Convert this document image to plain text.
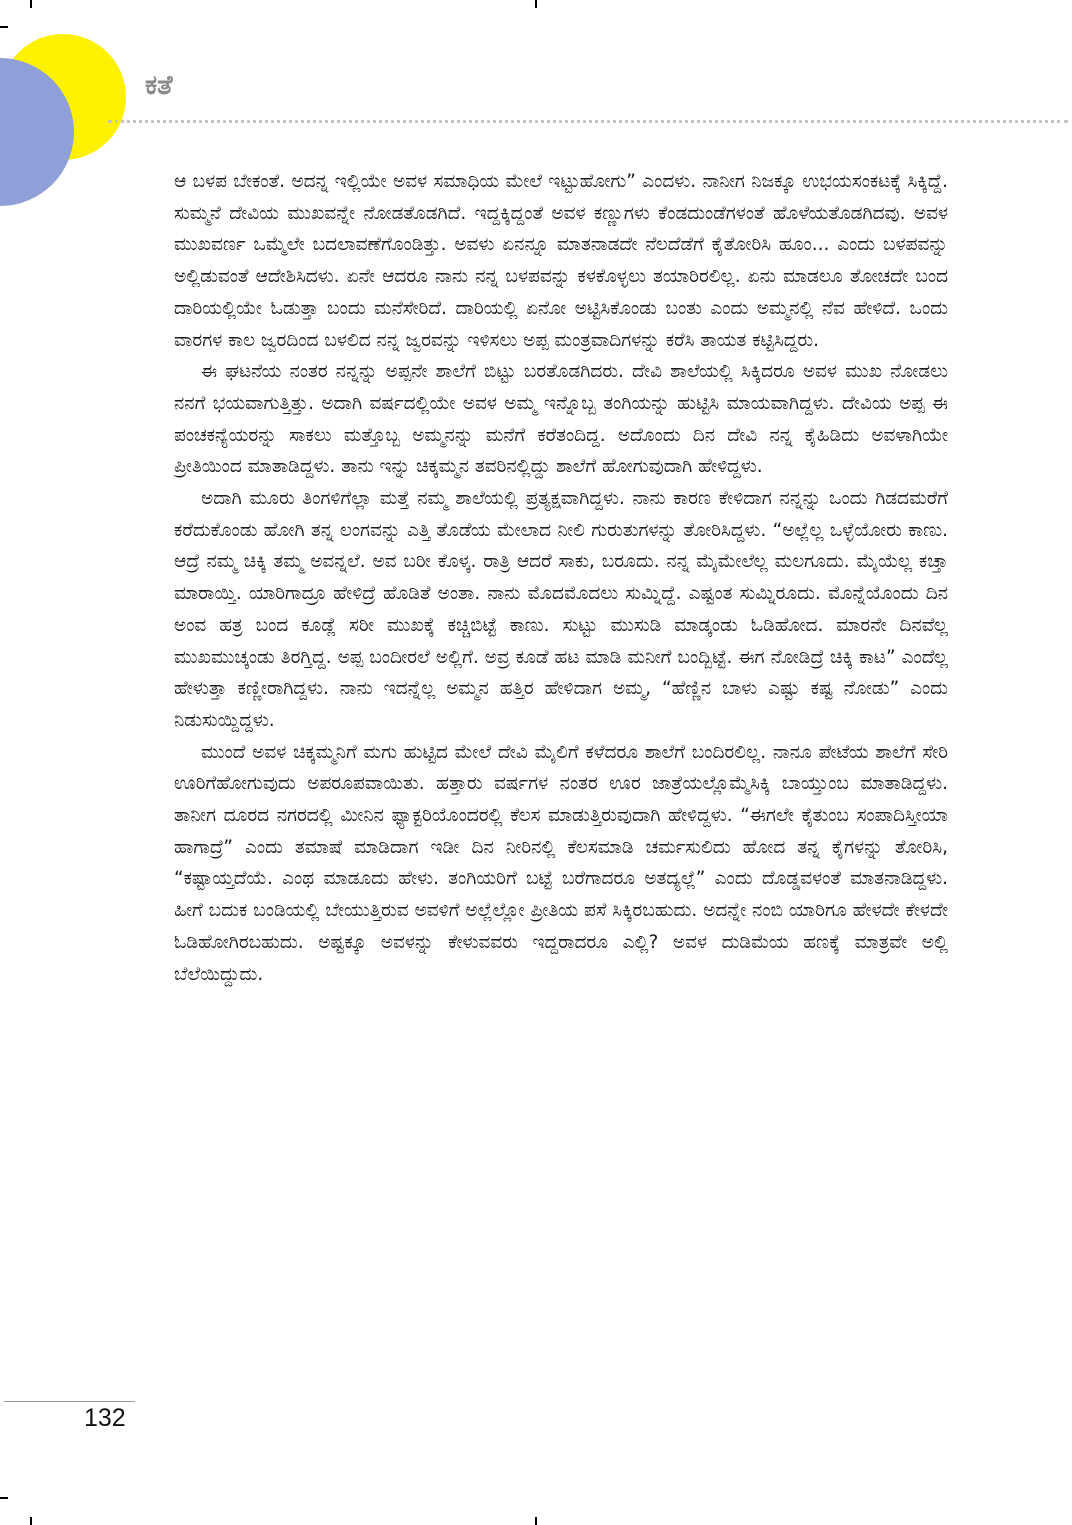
ಕತೆ

ಆ ಬಳಪ ಬೇಕಂತೆ. ಅದನ್ನ ಇಲ್ಲಿಯೇ ಅವಳ ಸಮಾಧಿಯ ಮೇಲೆ ಇಟ್ಟುಹೋಗು” ಎಂದಳು. ನಾನೀಗ ನಿಜಕ್ಕೂ ಉಭಯಸಂಕಟಕ್ಕೆ ಸಿಕ್ಕಿದ್ದೆ. ಸುಮ್ಮನೆ ದೇವಿಯ ಮುಖವನ್ನೇ ನೋಡತೊಡಗಿದೆ. ಇದ್ದಕ್ಕಿದ್ದಂತೆ ಅವಳ ಕಣ್ಣುಗಳು ಕೆಂಡದುಂಡೆಗಳಂತೆ ಹೊಳೆಯತೊಡಗಿದವು. ಅವಳ ಮುಖವರ್ಣ ಒಮ್ಮೆಲೇ ಬದಲಾವಣೆಗೊಂಡಿತ್ತು. ಅವಳು ಏನನ್ನೂ ಮಾತನಾಡದೇ ನೆಲದೆಡೆಗೆ ಕೈತೋರಿಸಿ ಹೂಂ... ಎಂದು ಬಳಪವನ್ನು ಅಲ್ಲಿಡುವಂತೆ ಆದೇಶಿಸಿದಳು. ಏನೇ ಆದರೂ ನಾನು ನನ್ನ ಬಳಪವನ್ನು ಕಳಕೊಳ್ಳಲು ತಯಾರಿರಲಿಲ್ಲ. ಏನು ಮಾಡಲೂ ತೋಚದೇ ಬಂದ ದಾರಿಯಲ್ಲಿಯೇ ಓಡುತ್ತಾ ಬಂದು ಮನೆಸೇರಿದೆ. ದಾರಿಯಲ್ಲಿ ಏನೋ ಅಟ್ಟಿಸಿಕೊಂಡು ಬಂತು ಎಂದು ಅಮ್ಮನಲ್ಲಿ ನೆವ ಹೇಳಿದೆ. ಒಂದು ವಾರಗಳ ಕಾಲ ಜ್ವರದಿಂದ ಬಳಲಿದ ನನ್ನ ಜ್ವರವನ್ನು ಇಳಿಸಲು ಅಪ್ಪ ಮಂತ್ರವಾದಿಗಳನ್ನು ಕರೆಸಿ ತಾಯತ ಕಟ್ಟಿಸಿದ್ದರು.

ಈ ಘಟನೆಯ ನಂತರ ನನ್ನನ್ನು ಅಪ್ಪನೇ ಶಾಲೆಗೆ ಬಿಟ್ಟು ಬರತೊಡಗಿದರು. ದೇವಿ ಶಾಲೆಯಲ್ಲಿ ಸಿಕ್ಕಿದರೂ ಅವಳ ಮುಖ ನೋಡಲು ನನಗೆ ಭಯವಾಗುತ್ತಿತ್ತು. ಅದಾಗಿ ವರ್ಷದಲ್ಲಿಯೇ ಅವಳ ಅಮ್ಮ ಇನ್ನೊಬ್ಬ ತಂಗಿಯನ್ನು ಹುಟ್ಟಿಸಿ ಮಾಯವಾಗಿದ್ದಳು. ದೇವಿಯ ಅಪ್ಪ ಈ ಪಂಚಕನ್ಯೆಯರನ್ನು ಸಾಕಲು ಮತ್ತೊಬ್ಬ ಅಮ್ಮನನ್ನು ಮನೆಗೆ ಕರೆತಂದಿದ್ದ. ಅದೊಂದು ದಿನ ದೇವಿ ನನ್ನ ಕೈಹಿಡಿದು ಅವಳಾಗಿಯೇ ಪ್ರೀತಿಯಿಂದ ಮಾತಾಡಿದ್ದಳು. ತಾನು ಇನ್ನು ಚಿಕ್ಕಮ್ಮನ ತವರಿನಲ್ಲಿದ್ದು ಶಾಲೆಗೆ ಹೋಗುವುದಾಗಿ ಹೇಳಿದ್ದಳು.

ಅದಾಗಿ ಮೂರು ತಿಂಗಳಿಗೆಲ್ಲಾ ಮತ್ತೆ ನಮ್ಮ ಶಾಲೆಯಲ್ಲಿ ಪ್ರತ್ಯಕ್ಷವಾಗಿದ್ದಳು. ನಾನು ಕಾರಣ ಕೇಳಿದಾಗ ನನ್ನನ್ನು ಒಂದು ಗಿಡದಮರೆಗೆ ಕರೆದುಕೊಂಡು ಹೋಗಿ ತನ್ನ ಲಂಗವನ್ನು ಎತ್ತಿ ತೊಡೆಯ ಮೇಲಾದ ನೀಲಿ ಗುರುತುಗಳನ್ನು ತೋರಿಸಿದ್ದಳು. “ಅಲ್ಲೆಲ್ಲ ಒಳ್ಳೆಯೋರು ಕಾಣು. ಆದ್ರೆ ನಮ್ಮ ಚಿಕ್ಕಿ ತಮ್ಮ ಅವನ್ನಲೆ. ಅವ ಬರೀ ಕೊಳ್ಕ. ರಾತ್ರಿ ಆದರೆ ಸಾಕು, ಬರೂದು. ನನ್ನ ಮೈಮೇಲೆಲ್ಲ ಮಲಗೂದು. ಮೈಯೆಲ್ಲ ಕಚ್ತಾ ಮಾರಾಯ್ತಿ. ಯಾರಿಗಾದ್ರೂ ಹೇಳಿದ್ರೆ ಹೊಡಿತೆ ಅಂತಾ. ನಾನು ಮೊದಮೊದಲು ಸುಮ್ನಿದ್ದೆ. ಎಷ್ಟಂತ ಸುಮ್ನಿರೂದು. ಮೊನ್ನೆಯೊಂದು ದಿನ ಅಂವ ಹತ್ರ ಬಂದ ಕೂಡ್ಲೆ ಸರೀ ಮುಖಕ್ಕೆ ಕಚ್ಚಿಬಿಟ್ಟೆ ಕಾಣು. ಸುಟ್ಟು ಮುಸುಡಿ ಮಾಡ್ಕಂಡು ಓಡಿಹೋದ. ಮಾರನೇ ದಿನವೆಲ್ಲ ಮುಖಮುಚ್ಕಂಡು ತಿರಗ್ತಿದ್ದ. ಅಪ್ಪ ಬಂದೀರಲೆ ಅಲ್ಲಿಗೆ. ಅವ್ರ ಕೂಡೆ ಹಟ ಮಾಡಿ ಮನೀಗೆ ಬಂದ್ಬಿಟ್ಟೆ. ಈಗ ನೋಡಿದ್ರೆ ಚಿಕ್ಕಿ ಕಾಟ” ಎಂದೆಲ್ಲ ಹೇಳುತ್ತಾ ಕಣ್ಣೀರಾಗಿದ್ದಳು. ನಾನು ಇದನ್ನೆಲ್ಲ ಅಮ್ಮನ ಹತ್ತಿರ ಹೇಳಿದಾಗ ಅಮ್ಮ, “ಹೆಣ್ಣಿನ ಬಾಳು ಎಷ್ಟು ಕಷ್ಟ ನೋಡು” ಎಂದು ನಿಡುಸುಯ್ದಿದ್ದಳು.

ಮುಂದೆ ಅವಳ ಚಿಕ್ಕಮ್ಮನಿಗೆ ಮಗು ಹುಟ್ಟಿದ ಮೇಲೆ ದೇವಿ ಮೈಲಿಗೆ ಕಳೆದರೂ ಶಾಲೆಗೆ ಬಂದಿರಲಿಲ್ಲ. ನಾನೂ ಪೇಟೆಯ ಶಾಲೆಗೆ ಸೇರಿ ಊರಿಗೆಹೋಗುವುದು ಅಪರೂಪವಾಯಿತು. ಹತ್ತಾರು ವರ್ಷಗಳ ನಂತರ ಊರ ಜಾತ್ರೆಯಲ್ಲೊಮ್ಮೆಸಿಕ್ಕಿ ಬಾಯ್ತುಂಬ ಮಾತಾಡಿದ್ದಳು. ತಾನೀಗ ದೂರದ ನಗರದಲ್ಲಿ ಮೀನಿನ ಫ್ಯಾಕ್ಟರಿಯೊಂದರಲ್ಲಿ ಕೆಲಸ ಮಾಡುತ್ತಿರುವುದಾಗಿ ಹೇಳಿದ್ದಳು. “ಈಗಲೇ ಕೈತುಂಬ ಸಂಪಾದಿಸ್ತೀಯಾ ಹಾಗಾದ್ರೆ” ಎಂದು ತಮಾಷೆ ಮಾಡಿದಾಗ ಇಡೀ ದಿನ ನೀರಿನಲ್ಲಿ ಕೆಲಸಮಾಡಿ ಚರ್ಮಸುಲಿದು ಹೋದ ತನ್ನ ಕೈಗಳನ್ನು ತೋರಿಸಿ, “ಕಷ್ಟಾಯ್ತದೆಯೆ. ಎಂಥ ಮಾಡೂದು ಹೇಳು. ತಂಗಿಯರಿಗೆ ಬಟ್ಟೆ ಬರೆಗಾದರೂ ಅತದ್ಯಲ್ಲೆ” ಎಂದು ದೊಡ್ಡವಳಂತೆ ಮಾತನಾಡಿದ್ದಳು. ಹೀಗೆ ಬದುಕ ಬಂಡಿಯಲ್ಲಿ ಬೇಯುತ್ತಿರುವ ಅವಳಿಗೆ ಅಲ್ಲೆಲ್ಲೋ ಪ್ರೀತಿಯ ಪಸೆ ಸಿಕ್ಕಿರಬಹುದು. ಅದನ್ನೇ ನಂಬಿ ಯಾರಿಗೂ ಹೇಳದೇ ಕೇಳದೇ ಓಡಿಹೋಗಿರಬಹುದು. ಅಷ್ಟಕ್ಕೂ ಅವಳನ್ನು ಕೇಳುವವರು ಇದ್ದರಾದರೂ ಎಲ್ಲಿ? ಅವಳ ದುಡಿಮೆಯ ಹಣಕ್ಕೆ ಮಾತ್ರವೇ ಅಲ್ಲಿ ಬೆಲೆಯಿದ್ದುದು.

132
